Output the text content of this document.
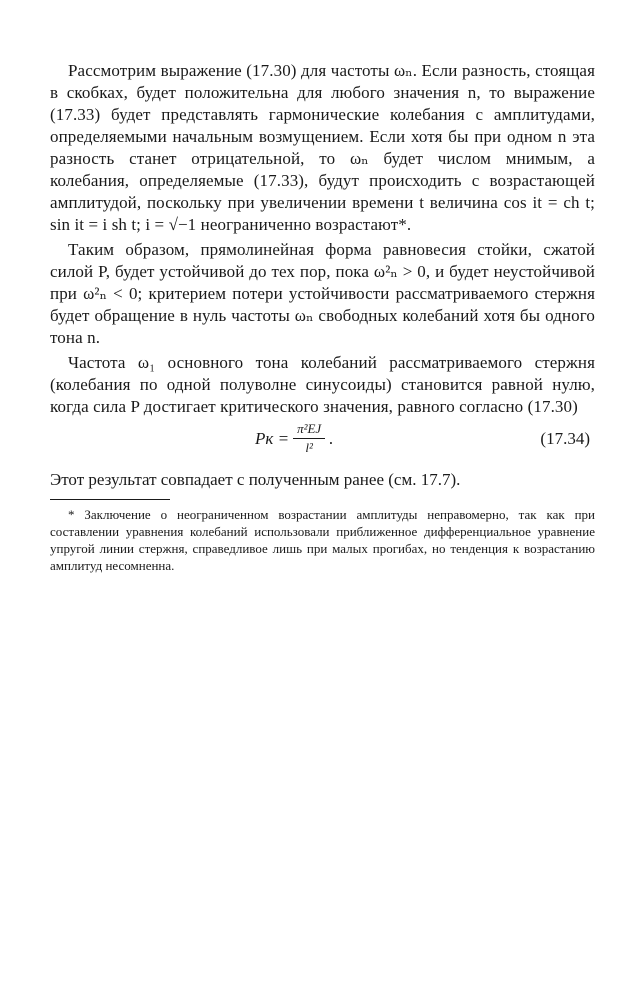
Рассмотрим выражение (17.30) для частоты ωₙ. Если разность, стоящая в скобках, будет положительна для любого значения n, то выражение (17.33) будет представлять гармонические колебания с амплитудами, определяемыми начальным возмущением. Если хотя бы при одном n эта разность станет отрицательной, то ωₙ будет числом мнимым, а колебания, определяемые (17.33), будут происходить с возрастающей амплитудой, поскольку при увеличении времени t величина cos it = ch t; sin it = i sh t; i = √−1 неограниченно возрастают*.

Таким образом, прямолинейная форма равновесия стойки, сжатой силой P, будет устойчивой до тех пор, пока ω²ₙ > 0, и будет неустойчивой при ω²ₙ < 0; критерием потери устойчивости рассматриваемого стержня будет обращение в нуль частоты ωₙ свободных колебаний хотя бы одного тона n.

Частота ω₁ основного тона колебаний рассматриваемого стержня (колебания по одной полуволне синусоиды) становится равной нулю, когда сила P достигает критического значения, равного согласно (17.30)

Pк = $\frac{\text{π²EJ}}{\text{l²}}$ .	(17.34)

Этот результат совпадает с полученным ранее (см. 17.7).

* Заключение о неограниченном возрастании амплитуды неправомерно, так как при составлении уравнения колебаний использовали приближенное дифференциальное уравнение упругой линии стержня, справедливое лишь при малых прогибах, но тенденция к возрастанию амплитуд несомненна.
